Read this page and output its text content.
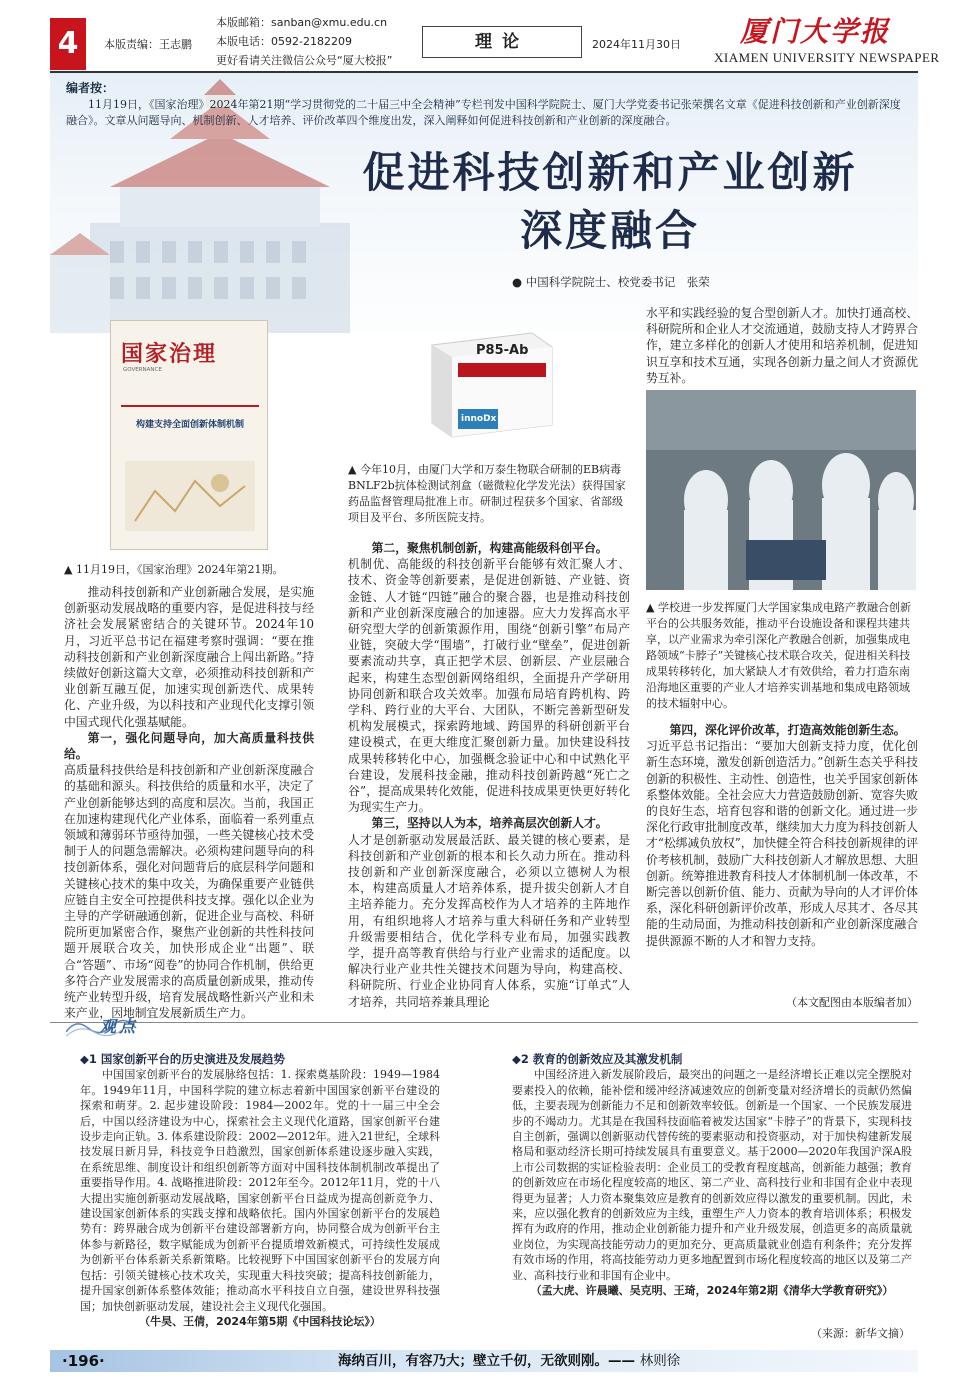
4	本版责编：王志鹏
本版邮箱：sanban@xmu.edu.cn
本版电话：0592-2182209
更好看请关注微信公众号“厦大校报”
理论	2024年11月30日 厦门大学报
XIAMEN UNIVERSITY NEWSPAPER
编者按：

11月19日，《国家治理》2024年第21期“学习贯彻党的二十届三中全会精神”专栏刊发中国科学院院士、厦门大学党委书记张荣撰名文章《促进科技创新和产业创新深度融合》。文章从问题导向、机制创新、人才培养、评价改革四个维度出发，深入阐释如何促进科技创新和产业创新的深度融合。
促进科技创新和产业创新
深度融合
● 中国科学院院士、校党委书记　张荣
国家治理
GOVERNANCE
构建支持全面创新体制机制
▲ 11月19日，《国家治理》2024年第21期。

推动科技创新和产业创新融合发展，是实施创新驱动发展战略的重要内容，是促进科技与经济社会发展紧密结合的关键环节。2024年10月，习近平总书记在福建考察时强调：“要在推动科技创新和产业创新深度融合上闯出新路。”持续做好创新这篇大文章，必须推动科技创新和产业创新互融互促，加速实现创新迭代、成果转化、产业升级，为以科技和产业现代化支撑引领中国式现代化强基赋能。

第一，强化问题导向，加大高质量科技供给。

高质量科技供给是科技创新和产业创新深度融合的基础和源头。科技供给的质量和水平，决定了产业创新能够达到的高度和层次。当前，我国正在加速构建现代化产业体系，面临着一系列重点领域和薄弱环节亟待加强，一些关键核心技术受制于人的问题急需解决。必须构建问题导向的科技创新体系，强化对问题背后的底层科学问题和关键核心技术的集中攻关，为确保重要产业链供应链自主安全可控提供科技支撑。强化以企业为主导的产学研融通创新，促进企业与高校、科研院所更加紧密合作，聚焦产业创新的共性科技问题开展联合攻关，加快形成企业“出题”、联合“答题”、市场“阅卷”的协同合作机制，供给更多符合产业发展需求的高质量创新成果，推动传统产业转型升级，培育发展战略性新兴产业和未来产业，因地制宜发展新质生产力。

P85-Ab
innoDx
▲ 今年10月，由厦门大学和万泰生物联合研制的EB病毒BNLF2b抗体检测试剂盒（磁微粒化学发光法）获得国家药品监督管理局批准上市。研制过程获多个国家、省部级项目及平台、多所医院支持。

第二，聚焦机制创新，构建高能级科创平台。

机制优、高能级的科技创新平台能够有效汇聚人才、技术、资金等创新要素，是促进创新链、产业链、资金链、人才链“四链”融合的聚合器，也是推动科技创新和产业创新深度融合的加速器。应大力发挥高水平研究型大学的创新策源作用，围绕“创新引擎”布局产业链，突破大学“围墙”，打破行业“壁垒”，促进创新要素流动共享，真正把学术层、创新层、产业层融合起来，构建生态型创新网络组织，全面提升产学研用协同创新和联合攻关效率。加强布局培育跨机构、跨学科、跨行业的大平台、大团队，不断完善新型研发机构发展模式，探索跨地域、跨国界的科研创新平台建设模式，在更大维度汇聚创新力量。加快建设科技成果转移转化中心，加强概念验证中心和中试熟化平台建设，发展科技金融，推动科技创新跨越“死亡之谷”，提高成果转化效能，促进科技成果更快更好转化为现实生产力。

第三，坚持以人为本，培养高层次创新人才。

人才是创新驱动发展最活跃、最关键的核心要素，是科技创新和产业创新的根本和长久动力所在。推动科技创新和产业创新深度融合，必须以立德树人为根本，构建高质量人才培养体系，提升拔尖创新人才自主培养能力。充分发挥高校作为人才培养的主阵地作用，有组织地将人才培养与重大科研任务和产业转型升级需要相结合，优化学科专业布局，加强实践教学，提升高等教育供给与行业产业需求的适配度。以解决行业产业共性关键技术问题为导向，构建高校、科研院所、行业企业协同育人体系，实施“订单式”人才培养，共同培养兼具理论

水平和实践经验的复合型创新人才。加快打通高校、科研院所和企业人才交流通道，鼓励支持人才跨界合作，建立多样化的创新人才使用和培养机制，促进知识互享和技术互通，实现各创新力量之间人才资源优势互补。

▲ 学校进一步发挥厦门大学国家集成电路产教融合创新平台的公共服务效能，推动平台设施设备和课程共建共享，以产业需求为牵引深化产教融合创新，加强集成电路领域“卡脖子”关键核心技术联合攻关，促进相关科技成果转移转化，加大紧缺人才有效供给，着力打造东南沿海地区重要的产业人才培养实训基地和集成电路领域的技术辐射中心。

第四，深化评价改革，打造高效能创新生态。

习近平总书记指出：“要加大创新支持力度，优化创新生态环境，激发创新创造活力。”创新生态关乎科技创新的积极性、主动性、创造性，也关乎国家创新体系整体效能。全社会应大力营造鼓励创新、宽容失败的良好生态，培育包容和谐的创新文化。通过进一步深化行政审批制度改革，继续加大力度为科技创新人才“松绑减负放权”，加快健全符合科技创新规律的评价考核机制，鼓励广大科技创新人才解放思想、大胆创新。统筹推进教育科技人才体制机制一体改革，不断完善以创新价值、能力、贡献为导向的人才评价体系，深化科研创新评价改革，形成人尽其才、各尽其能的生动局面，为推动科技创新和产业创新深度融合提供源源不断的人才和智力支持。

（本文配图由本版编者加）
观点
◆1 国家创新平台的历史演进及发展趋势
中国国家创新平台的发展脉络包括：1. 探索奠基阶段：1949—1984年。1949年11月，中国科学院的建立标志着新中国国家创新平台建设的探索和萌芽。2. 起步建设阶段：1984—2002年。党的十一届三中全会后，中国以经济建设为中心，探索社会主义现代化道路，国家创新平台建设步走向正轨。3. 体系建设阶段：2002—2012年。进入21世纪，全球科技发展日新月异，科技竞争日趋激烈，国家创新体系建设逐步融入实践，在系统思维、制度设计和组织创新等方面对中国科技体制机制改革提出了重要指导作用。4. 战略推进阶段：2012年至今。2012年11月，党的十八大提出实施创新驱动发展战略，国家创新平台日益成为提高创新竞争力、建设国家创新体系的实践支撑和战略依托。国内外国家创新平台的发展趋势有：跨界融合成为创新平台建设部署新方向，协同整合成为创新平台主体参与新路径，数字赋能成为创新平台提质增效新模式，可持续性发展成为创新平台体系新关系新策略。比较视野下中国国家创新平台的发展方向包括：引领关键核心技术攻关，实现重大科技突破；提高科技创新能力，提升国家创新体系整体效能；推动高水平科技自立自强，建设世界科技强国；加快创新驱动发展，建设社会主义现代化强国。
（牛昊、王倩，2024年第5期《中国科技论坛》）
◆2 教育的创新效应及其激发机制
中国经济进入新发展阶段后，最突出的问题之一是经济增长正难以完全摆脱对要素投入的依赖，能补偿和缓冲经济减速效应的创新变量对经济增长的贡献仍然偏低，主要表现为创新能力不足和创新效率较低。创新是一个国家、一个民族发展进步的不竭动力。尤其是在我国科技面临着被发达国家“卡脖子”的背景下，实现科技自主创新，强调以创新驱动代替传统的要素驱动和投资驱动，对于加快构建新发展格局和驱动经济长期可持续发展具有重要意义。基于2000—2020年我国沪深A股上市公司数据的实证检验表明：企业员工的受教育程度越高，创新能力越强；教育的创新效应在市场化程度较高的地区、第二产业、高科技行业和非国有企业中表现得更为显著；人力资本聚集效应是教育的创新效应得以激发的重要机制。因此，未来，应以强化教育的创新效应为主线，重塑生产人力资本的教育培训体系；积极发挥有为政府的作用，推动企业创新能力提升和产业升级发展，创造更多的高质量就业岗位，为实现高技能劳动力的更加充分、更高质量就业创造有利条件；充分发挥有效市场的作用，将高技能劳动力更多地配置到市场化程度较高的地区以及第二产业、高科技行业和非国有企业中。
（孟大虎、许晨曦、吴克明、王琦，2024年第2期《清华大学教育研究》）
（来源：新华文摘）
·196·	海纳百川，有容乃大；壁立千仞，无欲则刚。—— 林则徐
